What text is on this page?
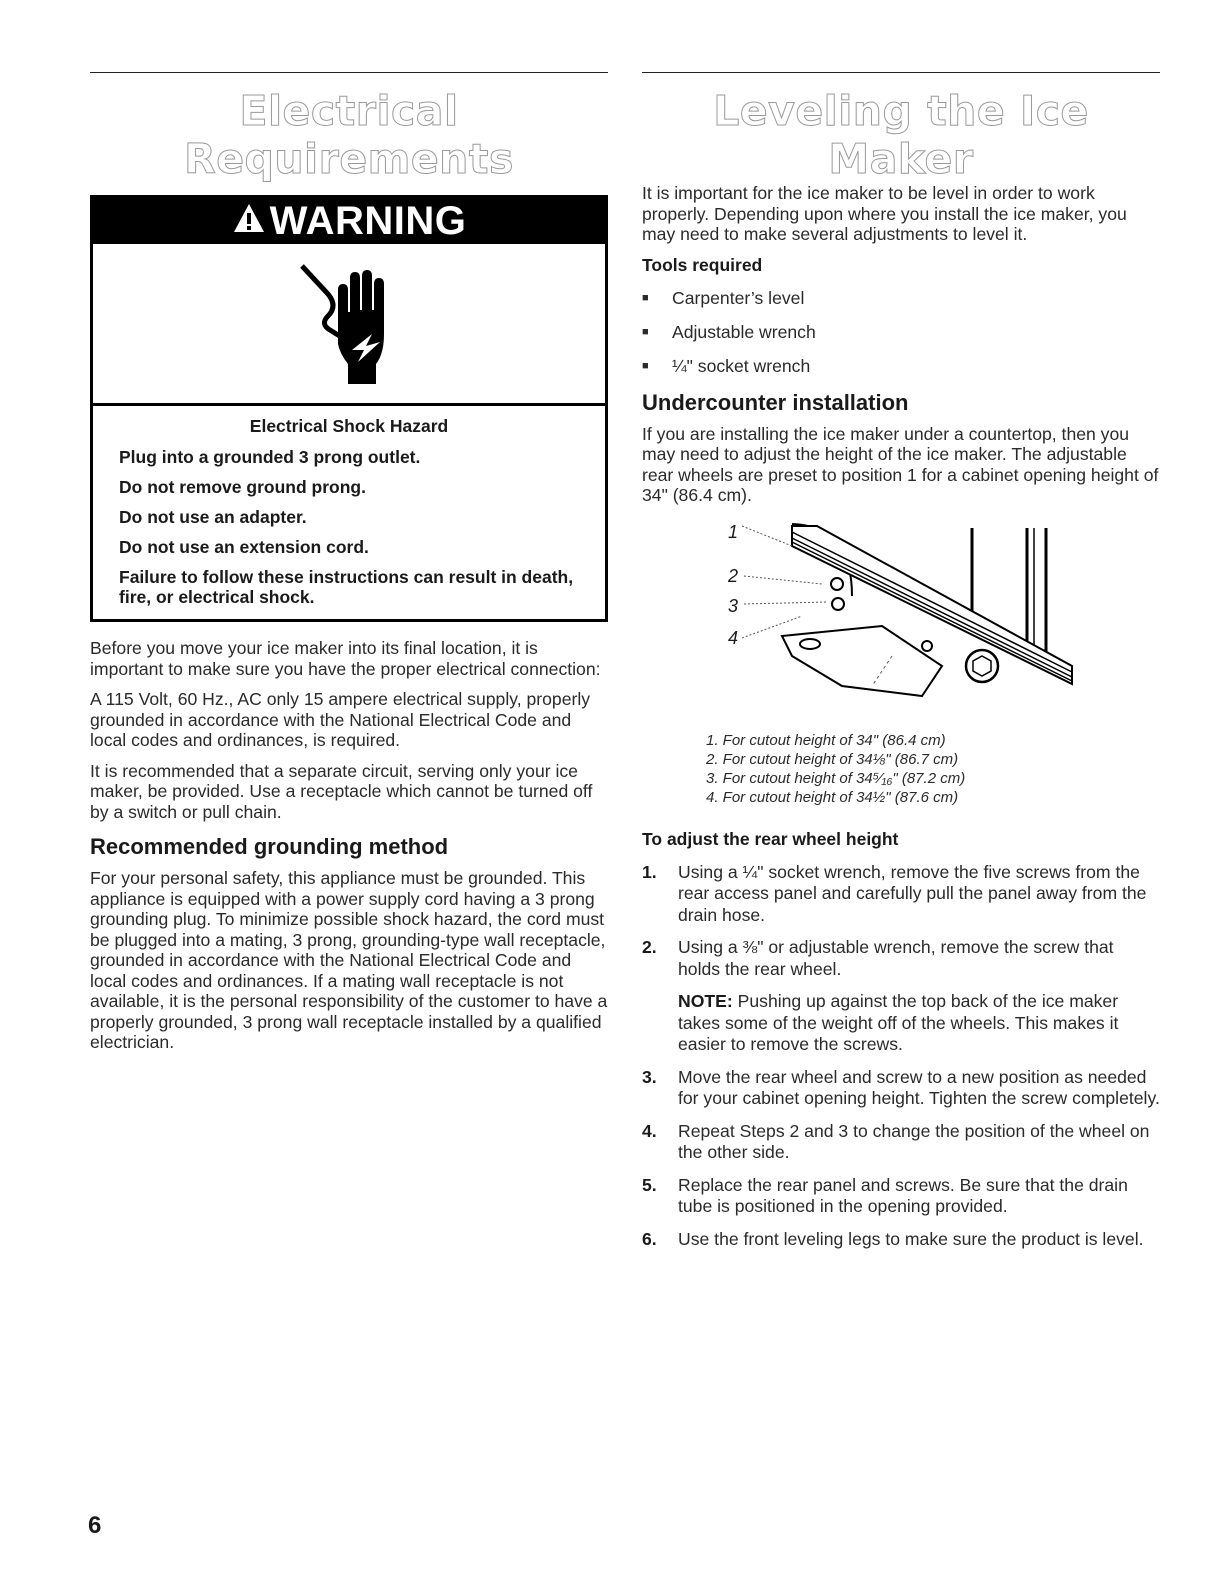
Electrical Requirements
WARNING
Electrical Shock Hazard
Plug into a grounded 3 prong outlet.
Do not remove ground prong.
Do not use an adapter.
Do not use an extension cord.
Failure to follow these instructions can result in death, fire, or electrical shock.

Before you move your ice maker into its final location, it is important to make sure you have the proper electrical connection:

A 115 Volt, 60 Hz., AC only 15 ampere electrical supply, properly grounded in accordance with the National Electrical Code and local codes and ordinances, is required.

It is recommended that a separate circuit, serving only your ice maker, be provided. Use a receptacle which cannot be turned off by a switch or pull chain.

Recommended grounding method

For your personal safety, this appliance must be grounded. This appliance is equipped with a power supply cord having a 3 prong grounding plug. To minimize possible shock hazard, the cord must be plugged into a mating, 3 prong, grounding-type wall receptacle, grounded in accordance with the National Electrical Code and local codes and ordinances. If a mating wall receptacle is not available, it is the personal responsibility of the customer to have a properly grounded, 3 prong wall receptacle installed by a qualified electrician.

Leveling the Ice Maker

It is important for the ice maker to be level in order to work properly. Depending upon where you install the ice maker, you may need to make several adjustments to level it.

Tools required
■	Carpenter’s level
■	Adjustable wrench
■	¼" socket wrench
Undercounter installation

If you are installing the ice maker under a countertop, then you may need to adjust the height of the ice maker. The adjustable rear wheels are preset to position 1 for a cabinet opening height of 34" (86.4 cm).

1
2
3
4
1. For cutout height of 34" (86.4 cm)
2. For cutout height of 34⅛" (86.7 cm)
3. For cutout height of 34⁵⁄₁₆" (87.2 cm)
4. For cutout height of 34½" (87.6 cm)
To adjust the rear wheel height
1.	Using a ¼" socket wrench, remove the five screws from the rear access panel and carefully pull the panel away from the drain hose.
2.	Using a ⅜" or adjustable wrench, remove the screw that holds the rear wheel.
NOTE: Pushing up against the top back of the ice maker takes some of the weight off of the wheels. This makes it easier to remove the screws.
3.	Move the rear wheel and screw to a new position as needed for your cabinet opening height. Tighten the screw completely.
4.	Repeat Steps 2 and 3 to change the position of the wheel on the other side.
5.	Replace the rear panel and screws. Be sure that the drain tube is positioned in the opening provided.
6.	Use the front leveling legs to make sure the product is level.
6
